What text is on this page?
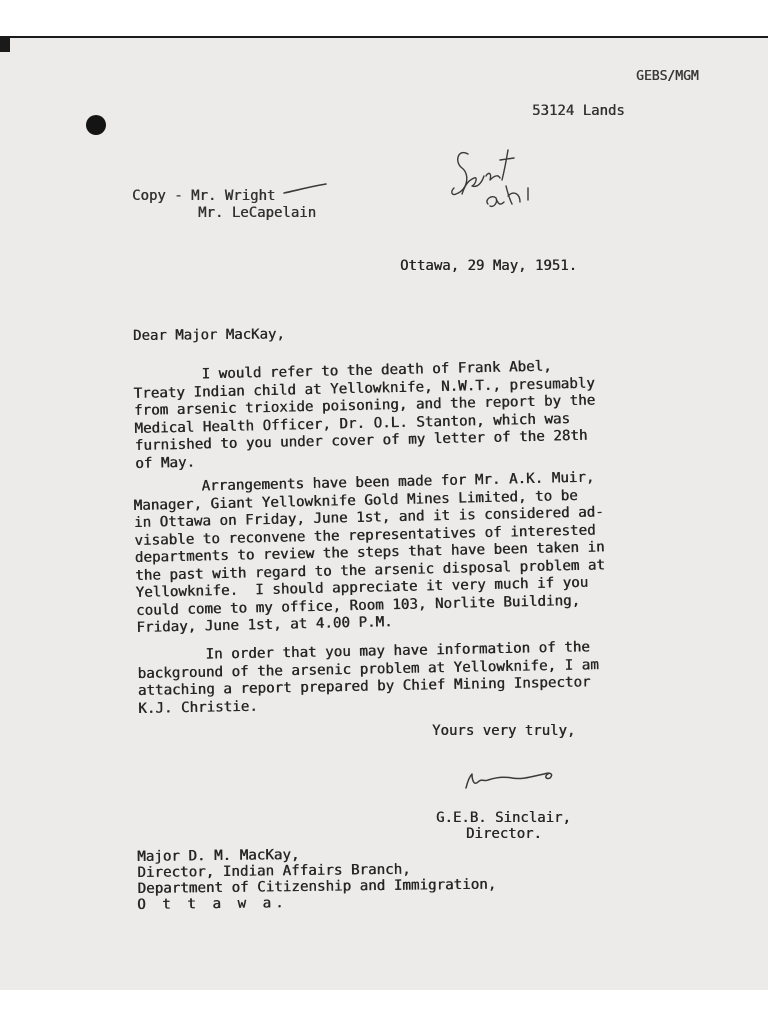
GEBS/MGM
53124 Lands
Copy - Mr. Wright
Mr. LeCapelain
Ottawa, 29 May, 1951.
Dear Major MacKay,
I would refer to the death of Frank Abel,
Treaty Indian child at Yellowknife, N.W.T., presumably
from arsenic trioxide poisoning, and the report by the
Medical Health Officer, Dr. O.L. Stanton, which was
furnished to you under cover of my letter of the 28th
of May.
Arrangements have been made for Mr. A.K. Muir,
Manager, Giant Yellowknife Gold Mines Limited, to be
in Ottawa on Friday, June 1st, and it is considered ad-
visable to reconvene the representatives of interested
departments to review the steps that have been taken in
the past with regard to the arsenic disposal problem at
Yellowknife.  I should appreciate it very much if you
could come to my office, Room 103, Norlite Building,
Friday, June 1st, at 4.00 P.M.
In order that you may have information of the
background of the arsenic problem at Yellowknife, I am
attaching a report prepared by Chief Mining Inspector
K.J. Christie.
Yours very truly,
G.E.B. Sinclair,
Director.
Major D. M. MacKay,
Director, Indian Affairs Branch,
Department of Citizenship and Immigration,
O t t a w a.
